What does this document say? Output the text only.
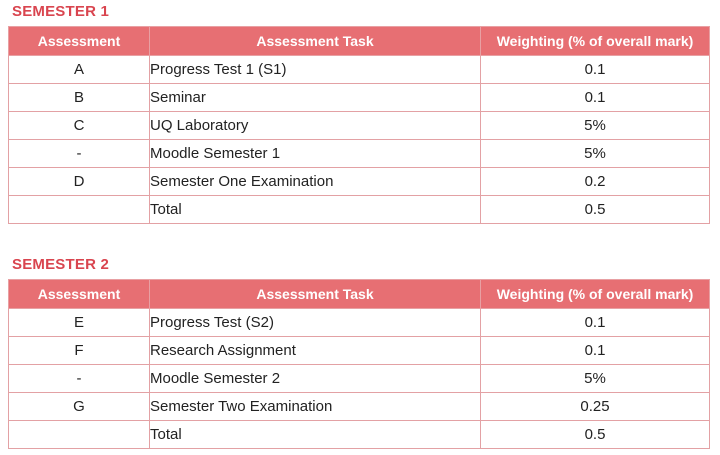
SEMESTER 1
Assessment	Assessment Task	Weighting (% of overall mark)
A	Progress Test 1 (S1)	0.1
B	Seminar	0.1
C	UQ Laboratory	5%
-	Moodle Semester 1	5%
D	Semester One Examination	0.2
	Total	0.5
SEMESTER 2
Assessment	Assessment Task	Weighting (% of overall mark)
E	Progress Test (S2)	0.1
F	Research Assignment	0.1
-	Moodle Semester 2	5%
G	Semester Two Examination	0.25
	Total	0.5
